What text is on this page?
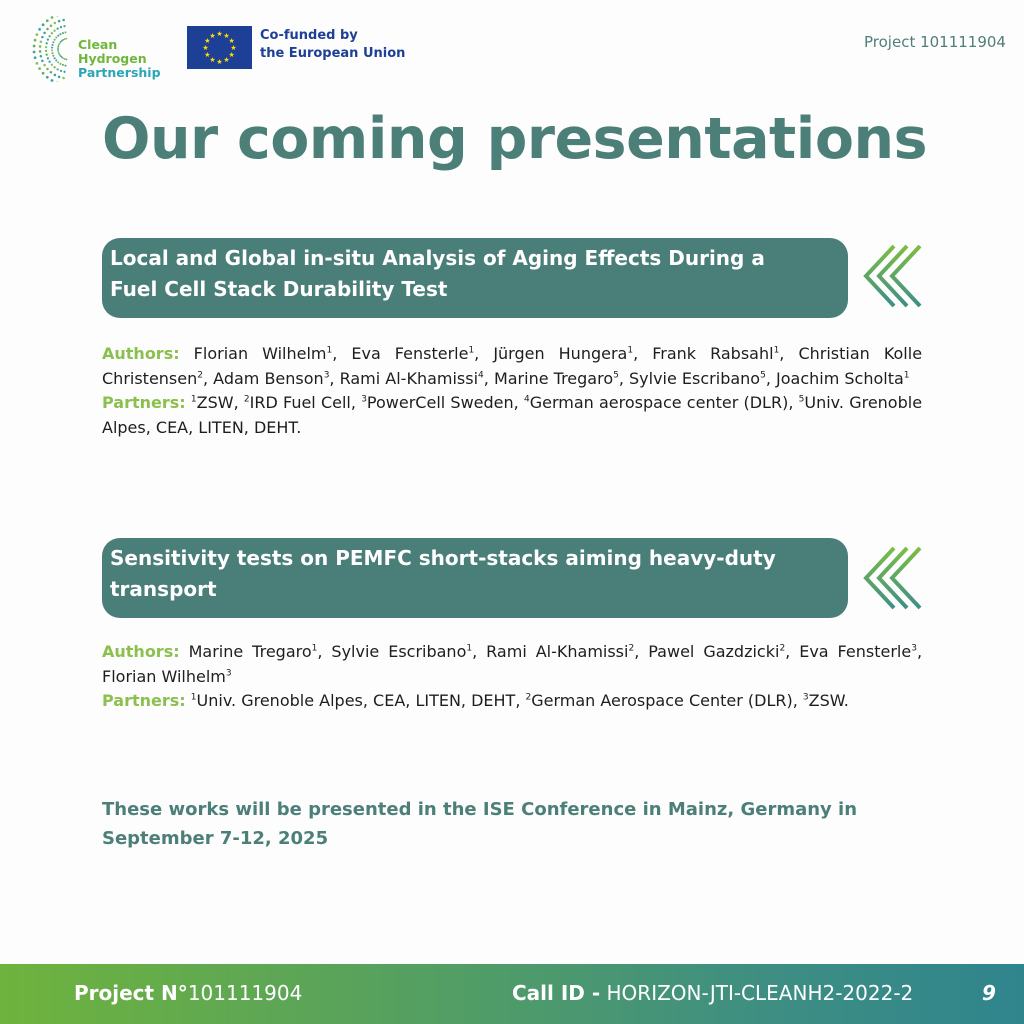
Clean Hydrogen
Partnership
★ ★
★
★
★
★
★
★
★
★
★
★	Co-funded by
the European Union
Project 101111904
Our coming presentations
Local and Global in-situ Analysis of Aging Effects During a Fuel Cell Stack Durability Test
Authors: Florian Wilhelm$^1$, Eva Fensterle$^1$, Jürgen Hungera$^1$, Frank Rabsahl$^1$, Christian Kolle Christensen$^2$, Adam Benson$^3$, Rami Al-Khamissi$^4$, Marine Tregaro$^5$, Sylvie Escribano$^5$, Joachim Scholta$^1$
Partners: $^1$ZSW, $^2$IRD Fuel Cell, $^3$PowerCell Sweden, $^4$German aerospace center (DLR), $^5$Univ. Grenoble Alpes, CEA, LITEN, DEHT.
Sensitivity tests on PEMFC short-stacks aiming heavy-duty transport
Authors: Marine Tregaro$^1$, Sylvie Escribano$^1$, Rami Al-Khamissi$^2$, Pawel Gazdzicki$^2$, Eva Fensterle$^3$, Florian Wilhelm$^3$
Partners: $^1$Univ. Grenoble Alpes, CEA, LITEN, DEHT, $^2$German Aerospace Center (DLR), $^3$ZSW.
These works will be presented in the ISE Conference in Mainz, Germany in September 7-12, 2025
Project N°101111904	Call ID - HORIZON-JTI-CLEANH2-2022-2	9
